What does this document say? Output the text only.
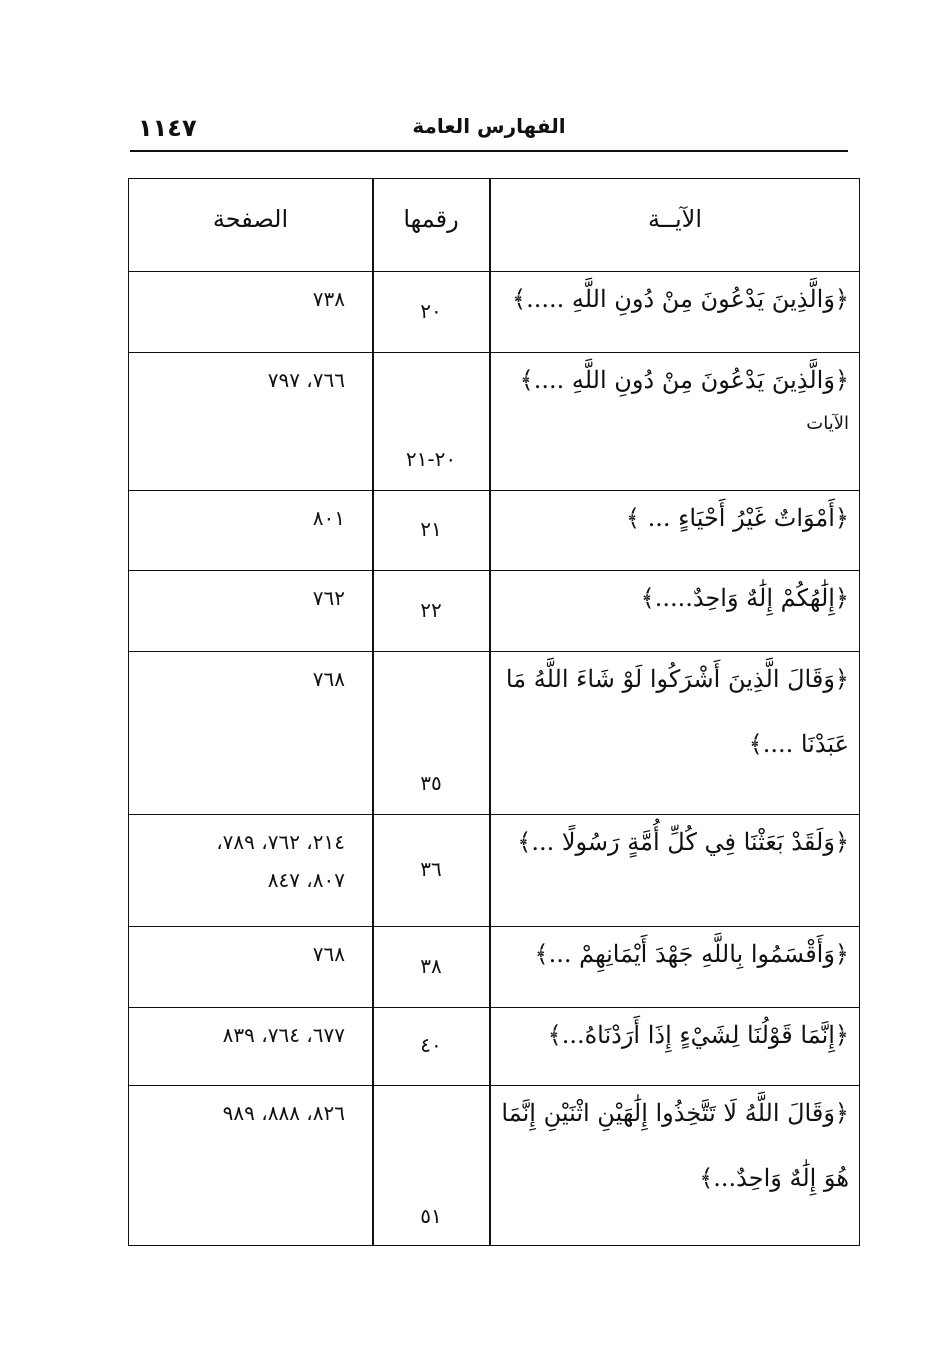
١١٤٧	الفهارس العامة
الآيــة
رقمها
الصفحة
﴿وَالَّذِينَ يَدْعُونَ مِنْ دُونِ اللَّهِ .....﴾
٢٠
٧٣٨
﴿وَالَّذِينَ يَدْعُونَ مِنْ دُونِ اللَّهِ ....﴾
الآيات
٢٠-٢١
٧٦٦، ٧٩٧
﴿أَمْوَاتٌ غَيْرُ أَحْيَاءٍ ... ﴾
٢١
٨٠١
﴿إِلَٰهُكُمْ إِلَٰهٌ وَاحِدٌ.....﴾
٢٢
٧٦٢
﴿وَقَالَ الَّذِينَ أَشْرَكُوا لَوْ شَاءَ اللَّهُ مَا
عَبَدْنَا ....﴾
٣٥
٧٦٨
﴿وَلَقَدْ بَعَثْنَا فِي كُلِّ أُمَّةٍ رَسُولًا ...﴾
٣٦
٢١٤، ٧٦٢، ٧٨٩،
٨٠٧، ٨٤٧
﴿وَأَقْسَمُوا بِاللَّهِ جَهْدَ أَيْمَانِهِمْ ...﴾
٣٨
٧٦٨
﴿إِنَّمَا قَوْلُنَا لِشَيْءٍ إِذَا أَرَدْنَاهُ...﴾
٤٠
٦٧٧، ٧٦٤، ٨٣٩
﴿وَقَالَ اللَّهُ لَا تَتَّخِذُوا إِلَٰهَيْنِ اثْنَيْنِ إِنَّمَا
هُوَ إِلَٰهٌ وَاحِدٌ...﴾
٥١
٨٢٦، ٨٨٨، ٩٨٩
